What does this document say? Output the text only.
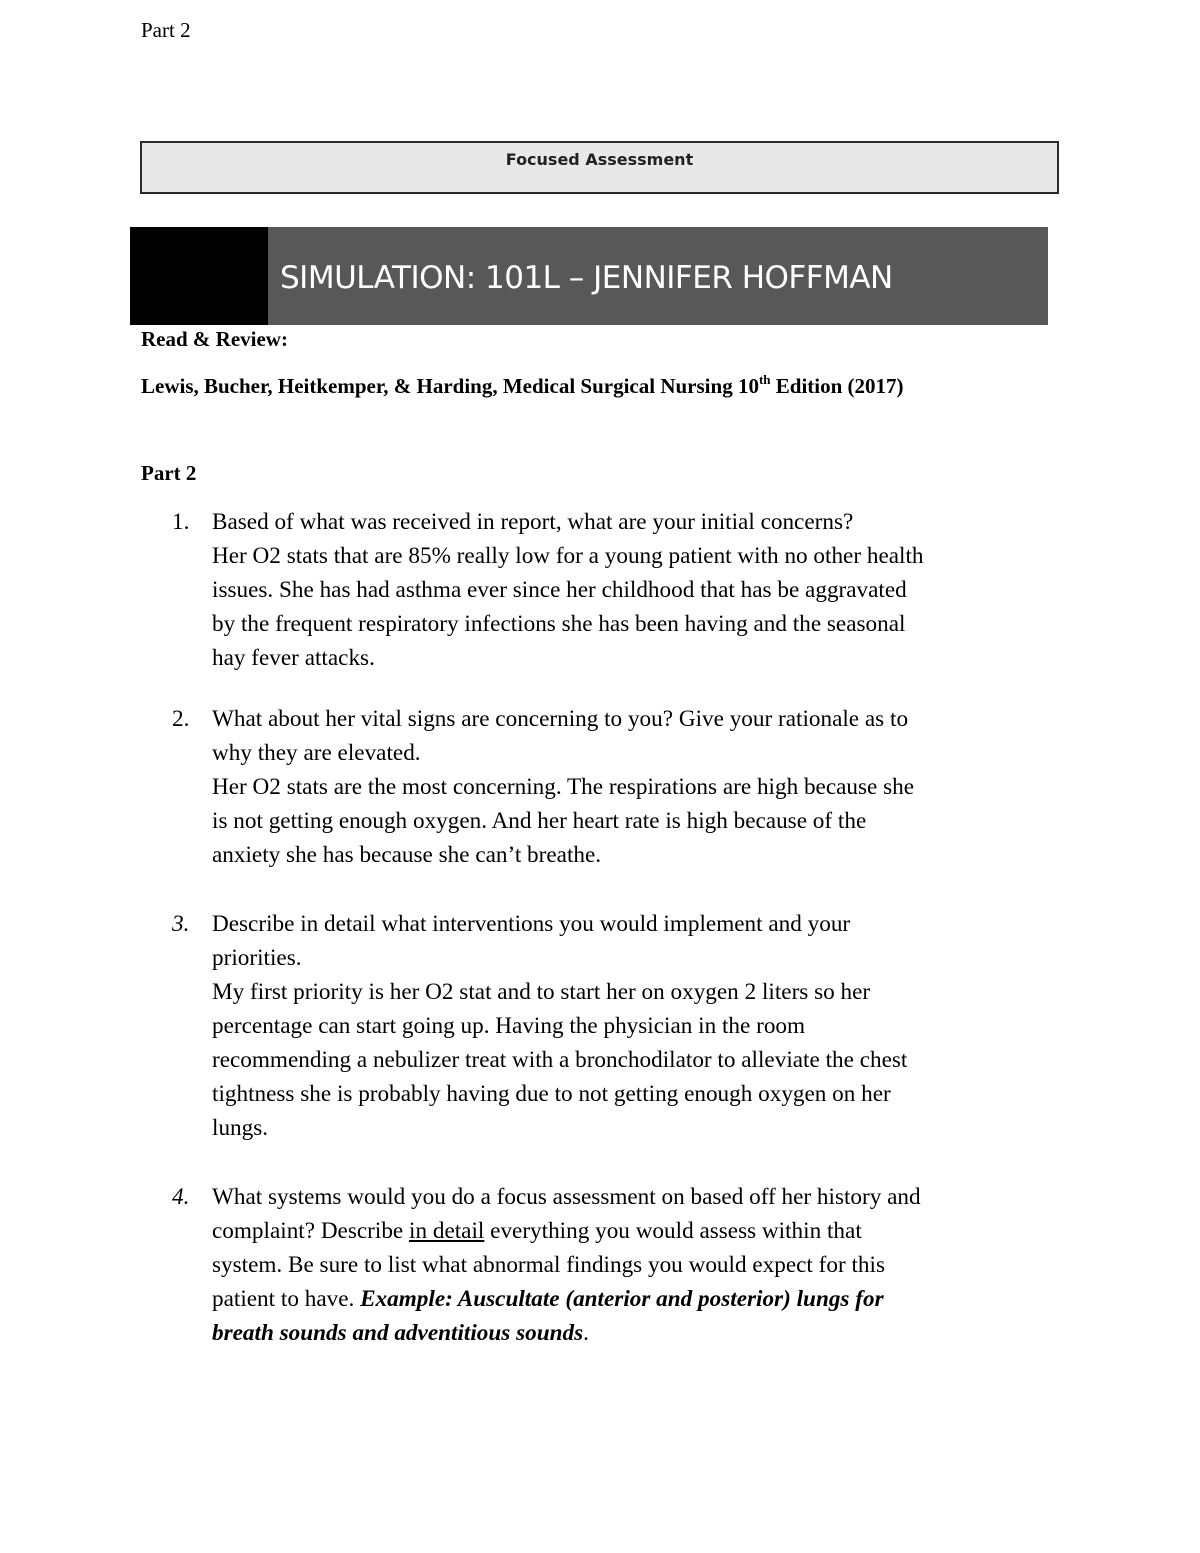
Part 2
Focused Assessment
SIMULATION: 101L – JENNIFER HOFFMAN
Read & Review:
Lewis, Bucher, Heitkemper, & Harding, Medical Surgical Nursing 10th Edition (2017)
Part 2
1. Based of what was received in report, what are your initial concerns?
Her O2 stats that are 85% really low for a young patient with no other health
issues. She has had asthma ever since her childhood that has be aggravated
by the frequent respiratory infections she has been having and the seasonal
hay fever attacks.
2. What about her vital signs are concerning to you? Give your rationale as to
why they are elevated.
Her O2 stats are the most concerning. The respirations are high because she
is not getting enough oxygen. And her heart rate is high because of the
anxiety she has because she can’t breathe.
3. Describe in detail what interventions you would implement and your
priorities.
My first priority is her O2 stat and to start her on oxygen 2 liters so her
percentage can start going up. Having the physician in the room
recommending a nebulizer treat with a bronchodilator to alleviate the chest
tightness she is probably having due to not getting enough oxygen on her
lungs.
4. What systems would you do a focus assessment on based off her history and
complaint? Describe in detail everything you would assess within that
system. Be sure to list what abnormal findings you would expect for this
patient to have. Example: Auscultate (anterior and posterior) lungs for
breath sounds and adventitious sounds.
